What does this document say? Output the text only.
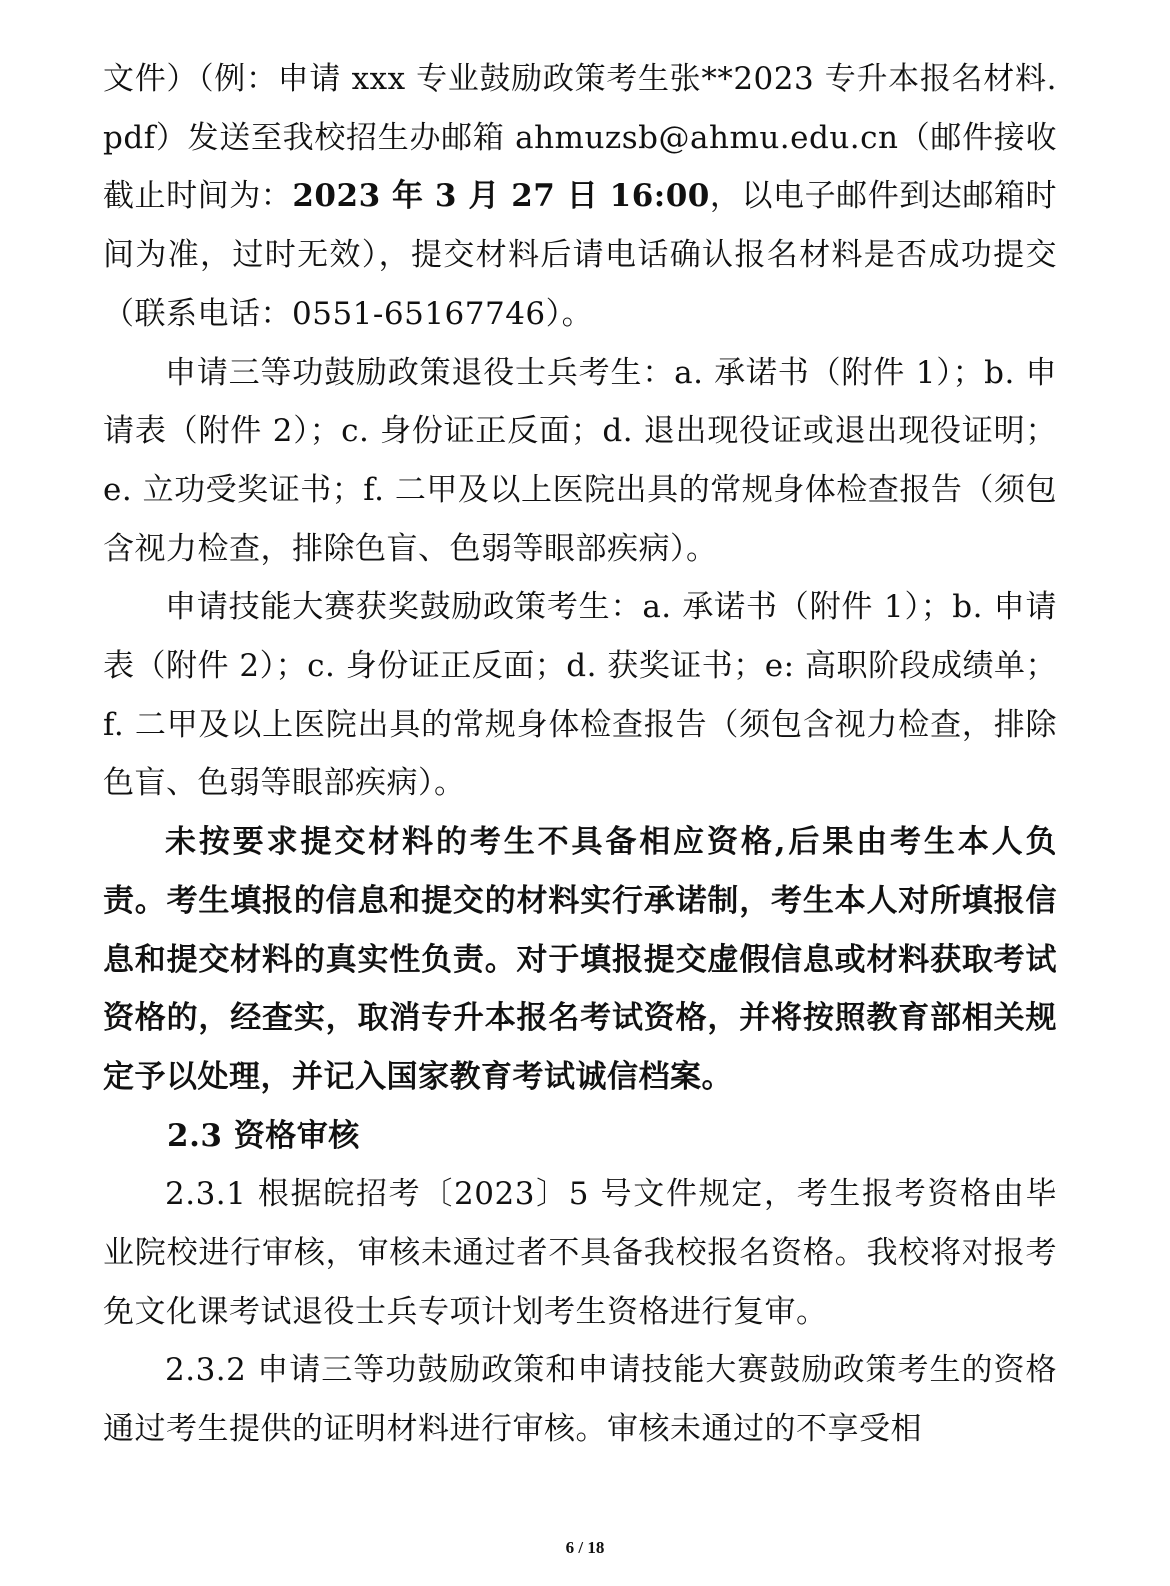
文件）（例：申请 xxx 专业鼓励政策考生张**2023 专升本报名材料.pdf）发送至我校招生办邮箱 ahmuzsb@ahmu.edu.cn（邮件接收截止时间为：2023 年 3 月 27 日 16:00，以电子邮件到达邮箱时间为准，过时无效），提交材料后请电话确认报名材料是否成功提交（联系电话：0551-65167746）。

申请三等功鼓励政策退役士兵考生：a. 承诺书（附件 1）；b. 申请表（附件 2）；c. 身份证正反面；d. 退出现役证或退出现役证明；e. 立功受奖证书；f. 二甲及以上医院出具的常规身体检查报告（须包含视力检查，排除色盲、色弱等眼部疾病）。

申请技能大赛获奖鼓励政策考生：a. 承诺书（附件 1）；b. 申请表（附件 2）；c. 身份证正反面；d. 获奖证书；e: 高职阶段成绩单；f. 二甲及以上医院出具的常规身体检查报告（须包含视力检查，排除色盲、色弱等眼部疾病）。

未按要求提交材料的考生不具备相应资格,后果由考生本人负责。考生填报的信息和提交的材料实行承诺制，考生本人对所填报信息和提交材料的真实性负责。对于填报提交虚假信息或材料获取考试资格的，经查实，取消专升本报名考试资格，并将按照教育部相关规定予以处理，并记入国家教育考试诚信档案。

2.3 资格审核

2.3.1 根据皖招考〔2023〕5 号文件规定，考生报考资格由毕业院校进行审核，审核未通过者不具备我校报名资格。我校将对报考免文化课考试退役士兵专项计划考生资格进行复审。

2.3.2 申请三等功鼓励政策和申请技能大赛鼓励政策考生的资格通过考生提供的证明材料进行审核。审核未通过的不享受相

6 / 18
